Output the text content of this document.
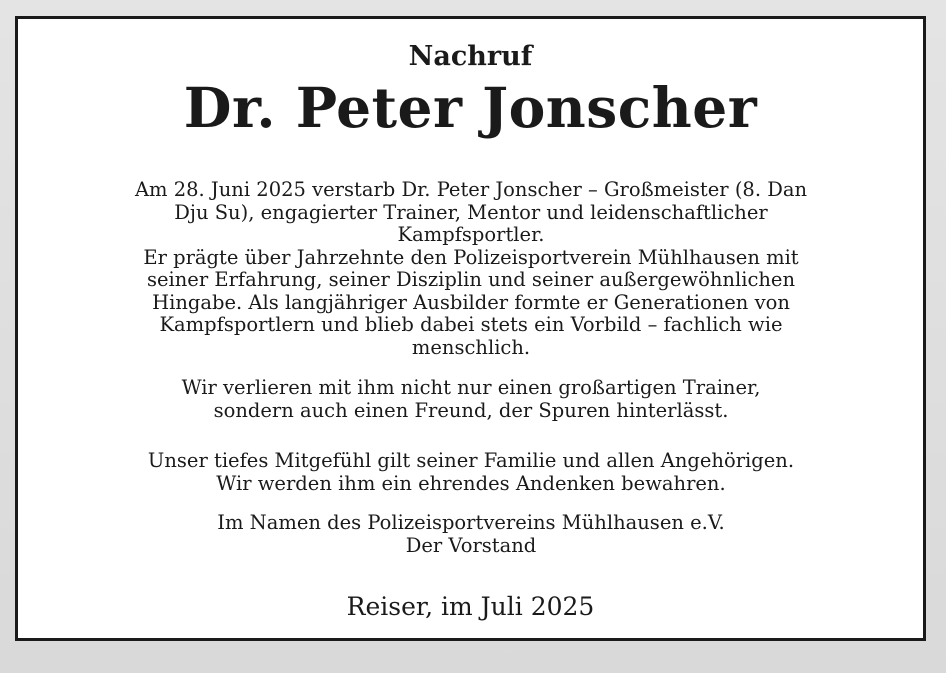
Nachruf
Dr. Peter Jonscher
Am 28. Juni 2025 verstarb Dr. Peter Jonscher – Großmeister (8. Dan
Dju Su), engagierter Trainer, Mentor und leidenschaftlicher
Kampfsportler.
Er prägte über Jahrzehnte den Polizeisportverein Mühlhausen mit
seiner Erfahrung, seiner Disziplin und seiner außergewöhnlichen
Hingabe. Als langjähriger Ausbilder formte er Generationen von
Kampfsportlern und blieb dabei stets ein Vorbild – fachlich wie
menschlich.
Wir verlieren mit ihm nicht nur einen großartigen Trainer,
sondern auch einen Freund, der Spuren hinterlässt.
Unser tiefes Mitgefühl gilt seiner Familie und allen Angehörigen.
Wir werden ihm ein ehrendes Andenken bewahren.
Im Namen des Polizeisportvereins Mühlhausen e.V.
Der Vorstand
Reiser, im Juli 2025
